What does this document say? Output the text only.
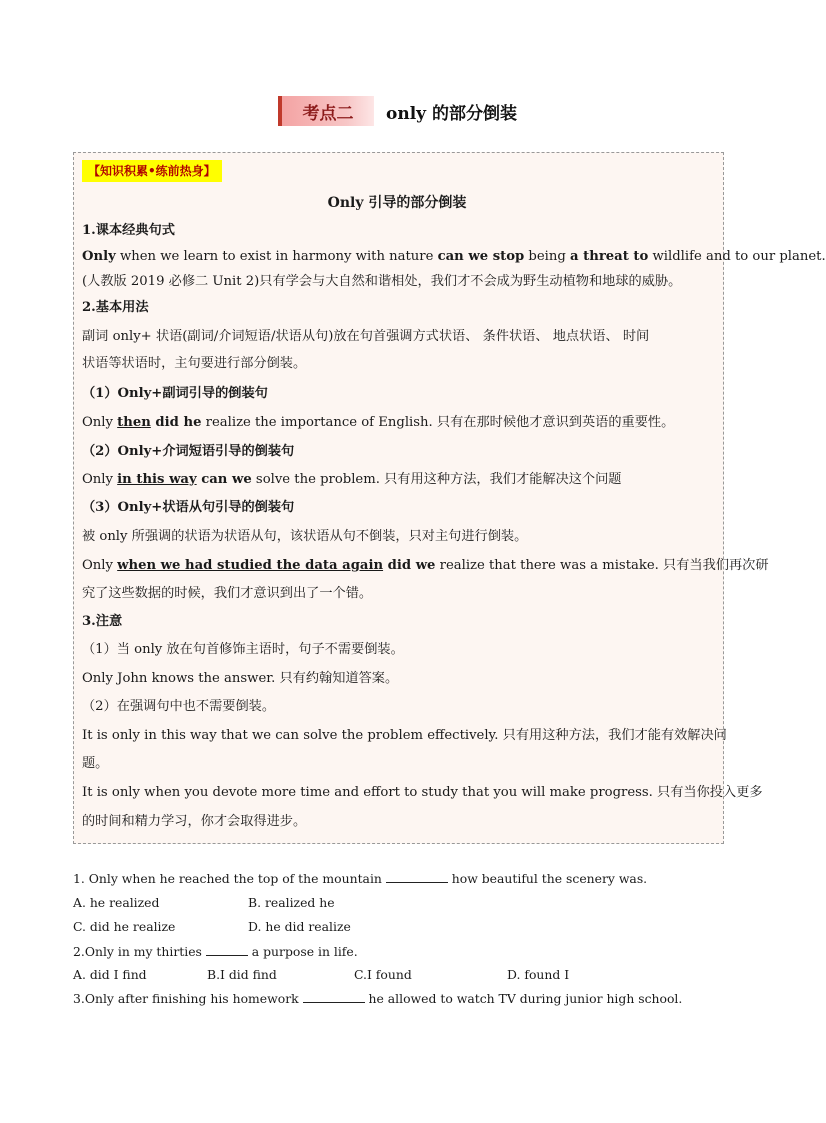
考点二	only 的部分倒装
【知识积累•练前热身】
Only 引导的部分倒装
1.课本经典句式
Only when we learn to exist in harmony with nature can we stop being a threat to wildlife and to our planet.
(人教版 2019 必修二 Unit 2)只有学会与大自然和谐相处，我们才不会成为野生动植物和地球的威胁。
2.基本用法
副词 only+ 状语(副词/介词短语/状语从句)放在句首强调方式状语、 条件状语、 地点状语、 时间
状语等状语时，主句要进行部分倒装。
（1）Only+副词引导的倒装句
Only then did he realize the importance of English. 只有在那时候他才意识到英语的重要性。
（2）Only+介词短语引导的倒装句
Only in this way can we solve the problem. 只有用这种方法，我们才能解决这个问题
（3）Only+状语从句引导的倒装句
被 only 所强调的状语为状语从句，该状语从句不倒装，只对主句进行倒装。
Only when we had studied the data again did we realize that there was a mistake. 只有当我们再次研
究了这些数据的时候，我们才意识到出了一个错。
3.注意
（1）当 only 放在句首修饰主语时，句子不需要倒装。
Only John knows the answer. 只有约翰知道答案。
（2）在强调句中也不需要倒装。
It is only in this way that we can solve the problem effectively. 只有用这种方法，我们才能有效解决问
题。
It is only when you devote more time and effort to study that you will make progress. 只有当你投入更多
的时间和精力学习，你才会取得进步。
1. Only when he reached the top of the mountain	how beautiful the scenery was.
A. he realized	B. realized he
C. did he realize	D. he did realize
2.Only in my thirties	a purpose in life.
A. did I find	B.I did find	C.I found	D. found I
3.Only after finishing his homework	he allowed to watch TV during junior high school.
